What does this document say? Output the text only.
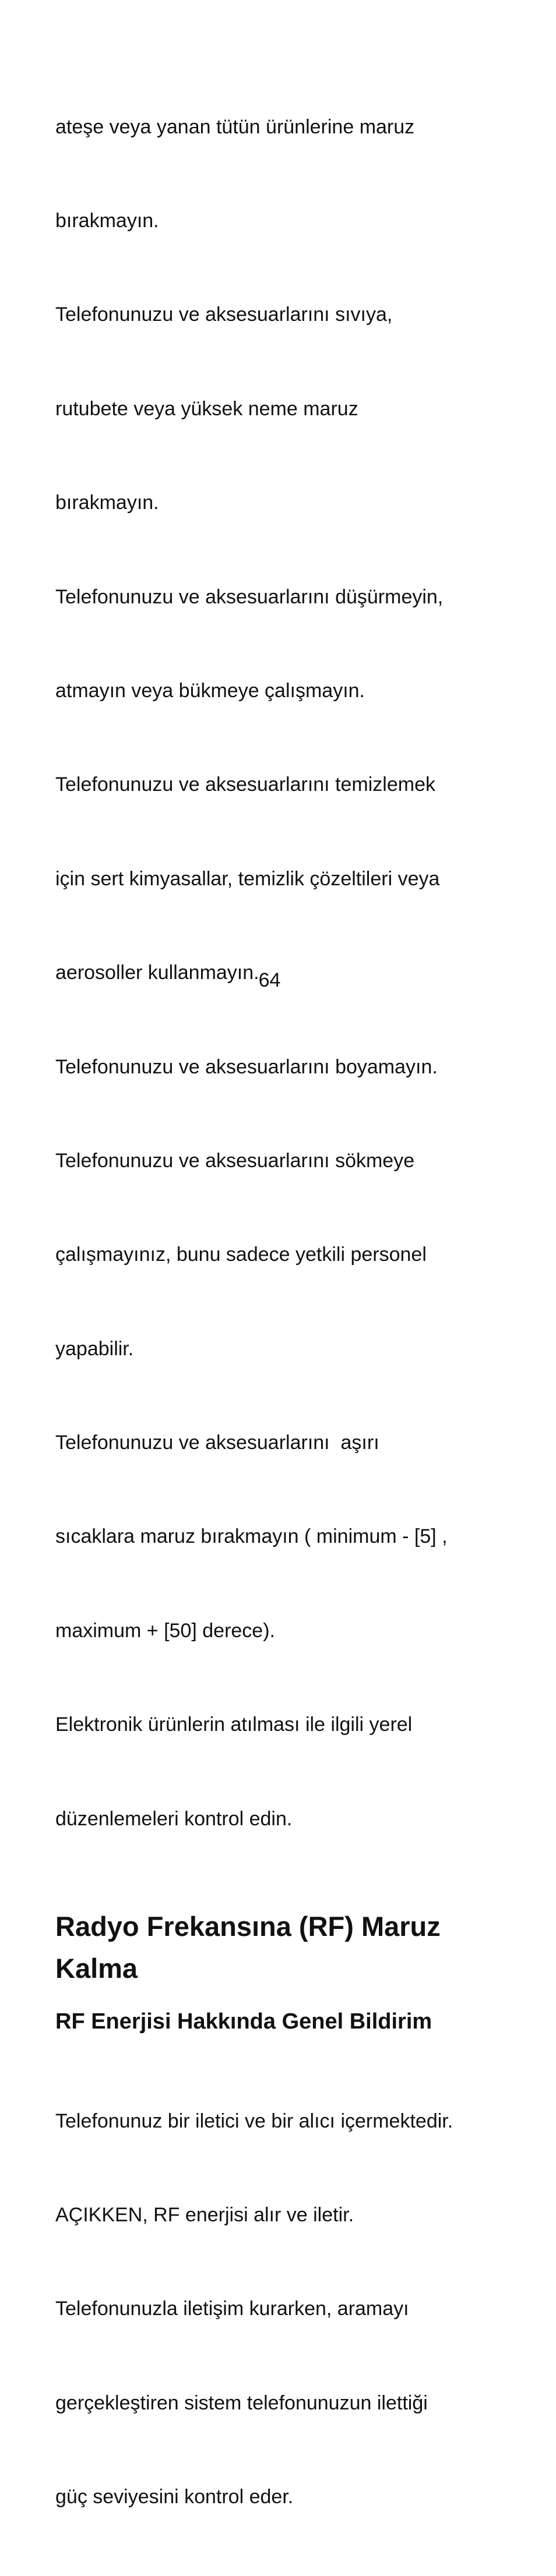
ateşe veya yanan tütün ürünlerine maruz

bırakmayın.

Telefonunuzu ve aksesuarlarını sıvıya,

rutubete veya yüksek neme maruz

bırakmayın.

Telefonunuzu ve aksesuarlarını düşürmeyin,

atmayın veya bükmeye çalışmayın.

Telefonunuzu ve aksesuarlarını temizlemek

için sert kimyasallar, temizlik çözeltileri veya

aerosoller kullanmayın.

Telefonunuzu ve aksesuarlarını boyamayın.

Telefonunuzu ve aksesuarlarını sökmeye

çalışmayınız, bunu sadece yetkili personel

yapabilir.

Telefonunuzu ve aksesuarlarını  aşırı

sıcaklara maruz bırakmayın ( minimum - [5] ,

maximum + [50] derece).

Elektronik ürünlerin atılması ile ilgili yerel

düzenlemeleri kontrol edin.

Radyo Frekansına (RF) Maruz
Kalma
RF Enerjisi Hakkında Genel Bildirim

Telefonunuz bir iletici ve bir alıcı içermektedir.

AÇIKKEN, RF enerjisi alır ve iletir.

Telefonunuzla iletişim kurarken, aramayı

gerçekleştiren sistem telefonunuzun ilettiği

güç seviyesini kontrol eder.

64
